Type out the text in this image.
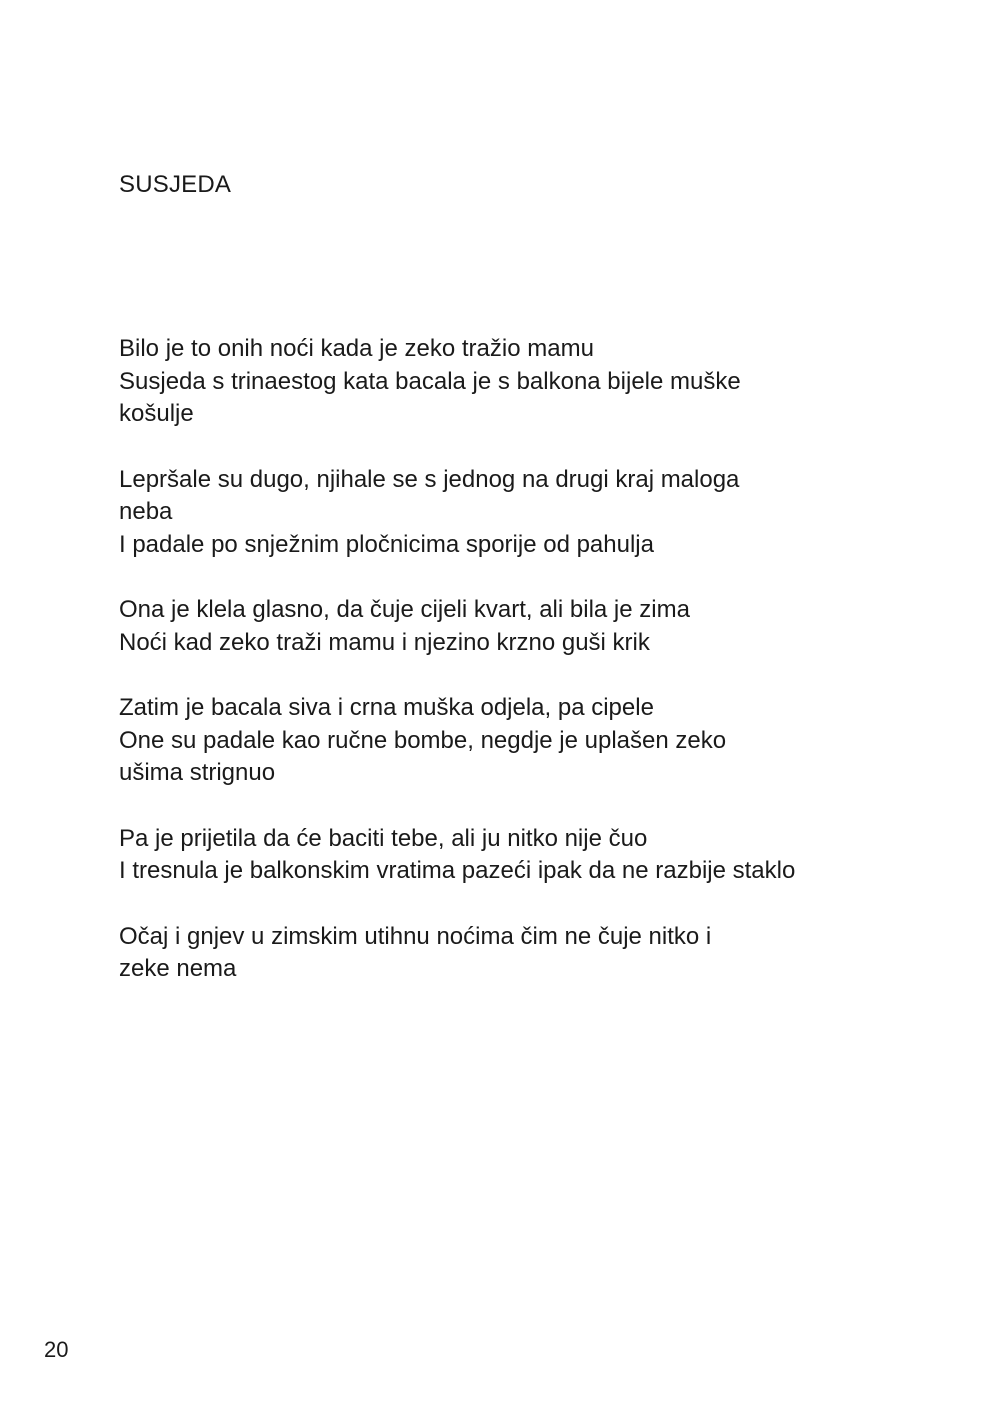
SUSJEDA
Bilo je to onih noći kada je zeko tražio mamu
Susjeda s trinaestog kata bacala je s balkona bijele muške
košulje
Lepršale su dugo, njihale se s jednog na drugi kraj maloga
neba
I padale po snježnim pločnicima sporije od pahulja
Ona je klela glasno, da čuje cijeli kvart, ali bila je zima
Noći kad zeko traži mamu i njezino krzno guši krik
Zatim je bacala siva i crna muška odjela, pa cipele
One su padale kao ručne bombe, negdje je uplašen zeko
ušima strignuo
Pa je prijetila da će baciti tebe, ali ju nitko nije čuo
I tresnula je balkonskim vratima pazeći ipak da ne razbije staklo
Očaj i gnjev u zimskim utihnu noćima čim ne čuje nitko i
zeke nema
20
